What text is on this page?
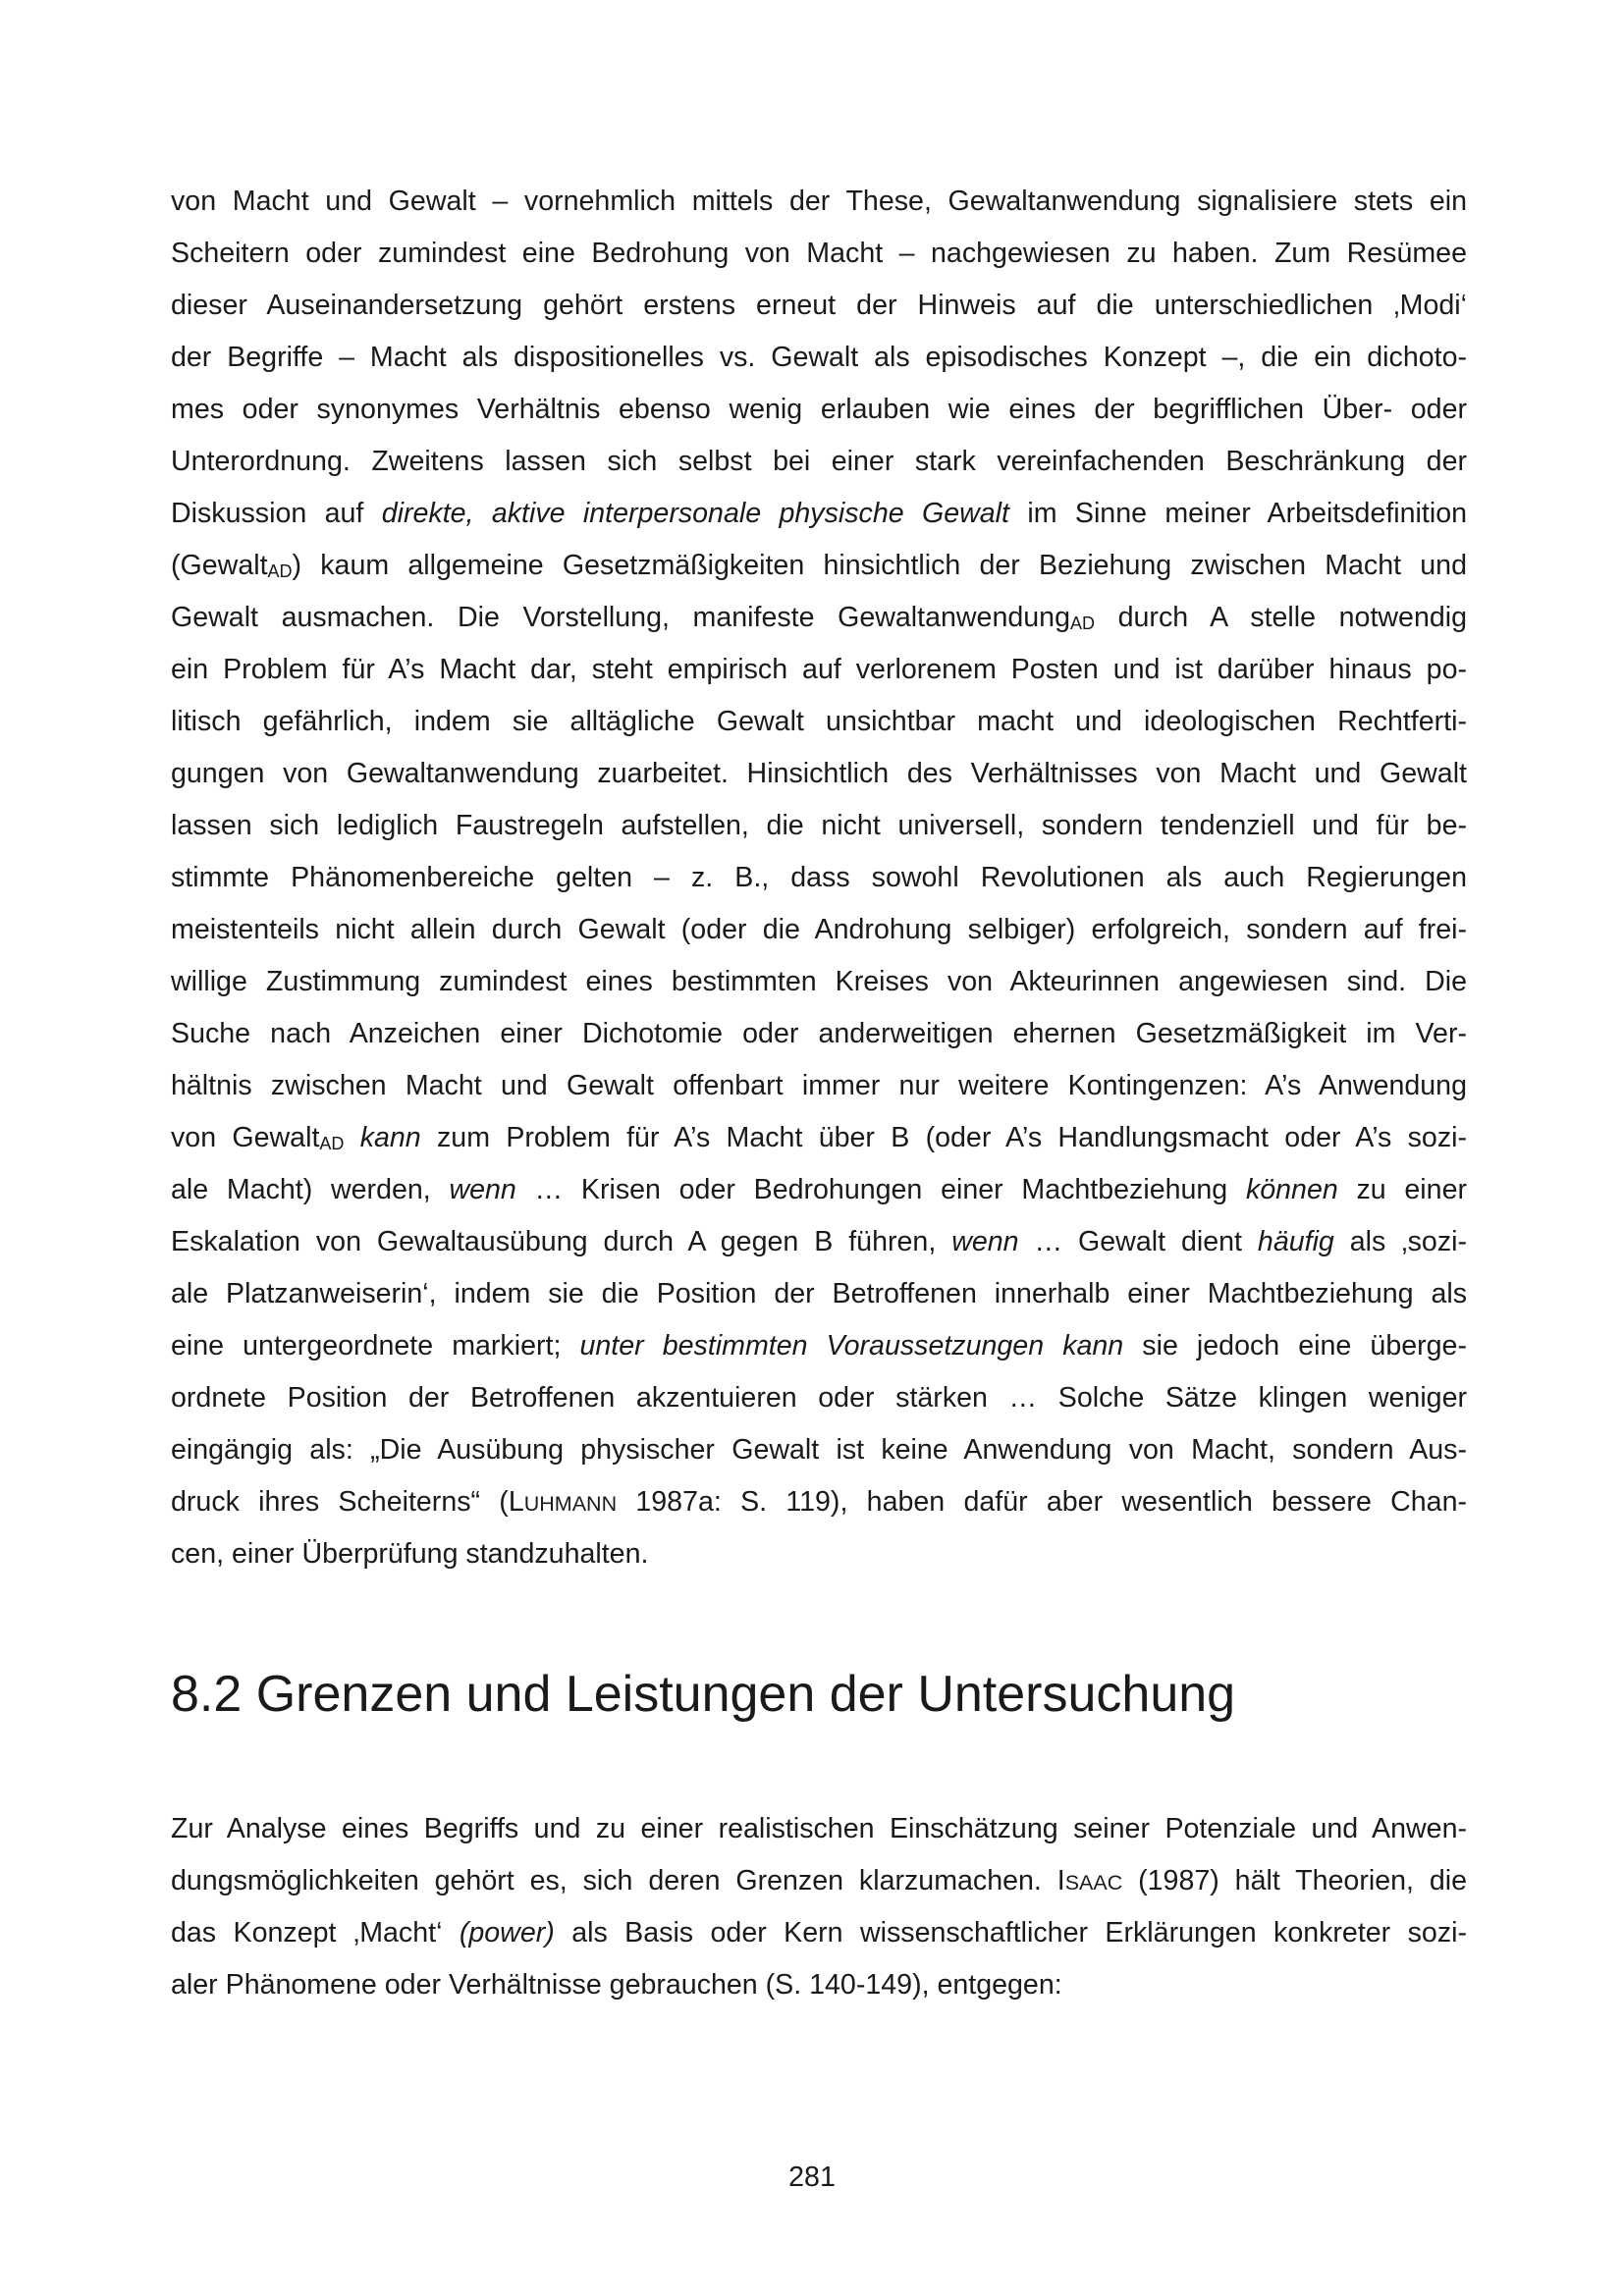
von Macht und Gewalt – vornehmlich mittels der These, Gewaltanwendung signalisiere stets ein
Scheitern oder zumindest eine Bedrohung von Macht – nachgewiesen zu haben. Zum Resümee
dieser Auseinandersetzung gehört erstens erneut der Hinweis auf die unterschiedlichen ‚Modi‘
der Begriffe – Macht als dispositionelles vs. Gewalt als episodisches Konzept –, die ein dichoto-
mes oder synonymes Verhältnis ebenso wenig erlauben wie eines der begrifflichen Über- oder
Unterordnung. Zweitens lassen sich selbst bei einer stark vereinfachenden Beschränkung der
Diskussion auf direkte, aktive interpersonale physische Gewalt im Sinne meiner Arbeitsdefinition
(GewaltAD) kaum allgemeine Gesetzmäßigkeiten hinsichtlich der Beziehung zwischen Macht und
Gewalt ausmachen. Die Vorstellung, manifeste GewaltanwendungAD durch A stelle notwendig
ein Problem für A’s Macht dar, steht empirisch auf verlorenem Posten und ist darüber hinaus po-
litisch gefährlich, indem sie alltägliche Gewalt unsichtbar macht und ideologischen Rechtferti-
gungen von Gewaltanwendung zuarbeitet. Hinsichtlich des Verhältnisses von Macht und Gewalt
lassen sich lediglich Faustregeln aufstellen, die nicht universell, sondern tendenziell und für be-
stimmte Phänomenbereiche gelten – z. B., dass sowohl Revolutionen als auch Regierungen
meistenteils nicht allein durch Gewalt (oder die Androhung selbiger) erfolgreich, sondern auf frei-
willige Zustimmung zumindest eines bestimmten Kreises von Akteurinnen angewiesen sind. Die
Suche nach Anzeichen einer Dichotomie oder anderweitigen ehernen Gesetzmäßigkeit im Ver-
hältnis zwischen Macht und Gewalt offenbart immer nur weitere Kontingenzen: A’s Anwendung
von GewaltAD kann zum Problem für A’s Macht über B (oder A’s Handlungsmacht oder A’s sozi-
ale Macht) werden, wenn … Krisen oder Bedrohungen einer Machtbeziehung können zu einer
Eskalation von Gewaltausübung durch A gegen B führen, wenn … Gewalt dient häufig als ‚sozi-
ale Platzanweiserin‘, indem sie die Position der Betroffenen innerhalb einer Machtbeziehung als
eine untergeordnete markiert; unter bestimmten Voraussetzungen kann sie jedoch eine überge-
ordnete Position der Betroffenen akzentuieren oder stärken … Solche Sätze klingen weniger
eingängig als: „Die Ausübung physischer Gewalt ist keine Anwendung von Macht, sondern Aus-
druck ihres Scheiterns“ (LUHMANN 1987a: S. 119), haben dafür aber wesentlich bessere Chan-
cen, einer Überprüfung standzuhalten.

8.2 Grenzen und Leistungen der Untersuchung

Zur Analyse eines Begriffs und zu einer realistischen Einschätzung seiner Potenziale und Anwen-
dungsmöglichkeiten gehört es, sich deren Grenzen klarzumachen. ISAAC (1987) hält Theorien, die
das Konzept ‚Macht‘ (power) als Basis oder Kern wissenschaftlicher Erklärungen konkreter sozi-
aler Phänomene oder Verhältnisse gebrauchen (S. 140-149), entgegen:

281
